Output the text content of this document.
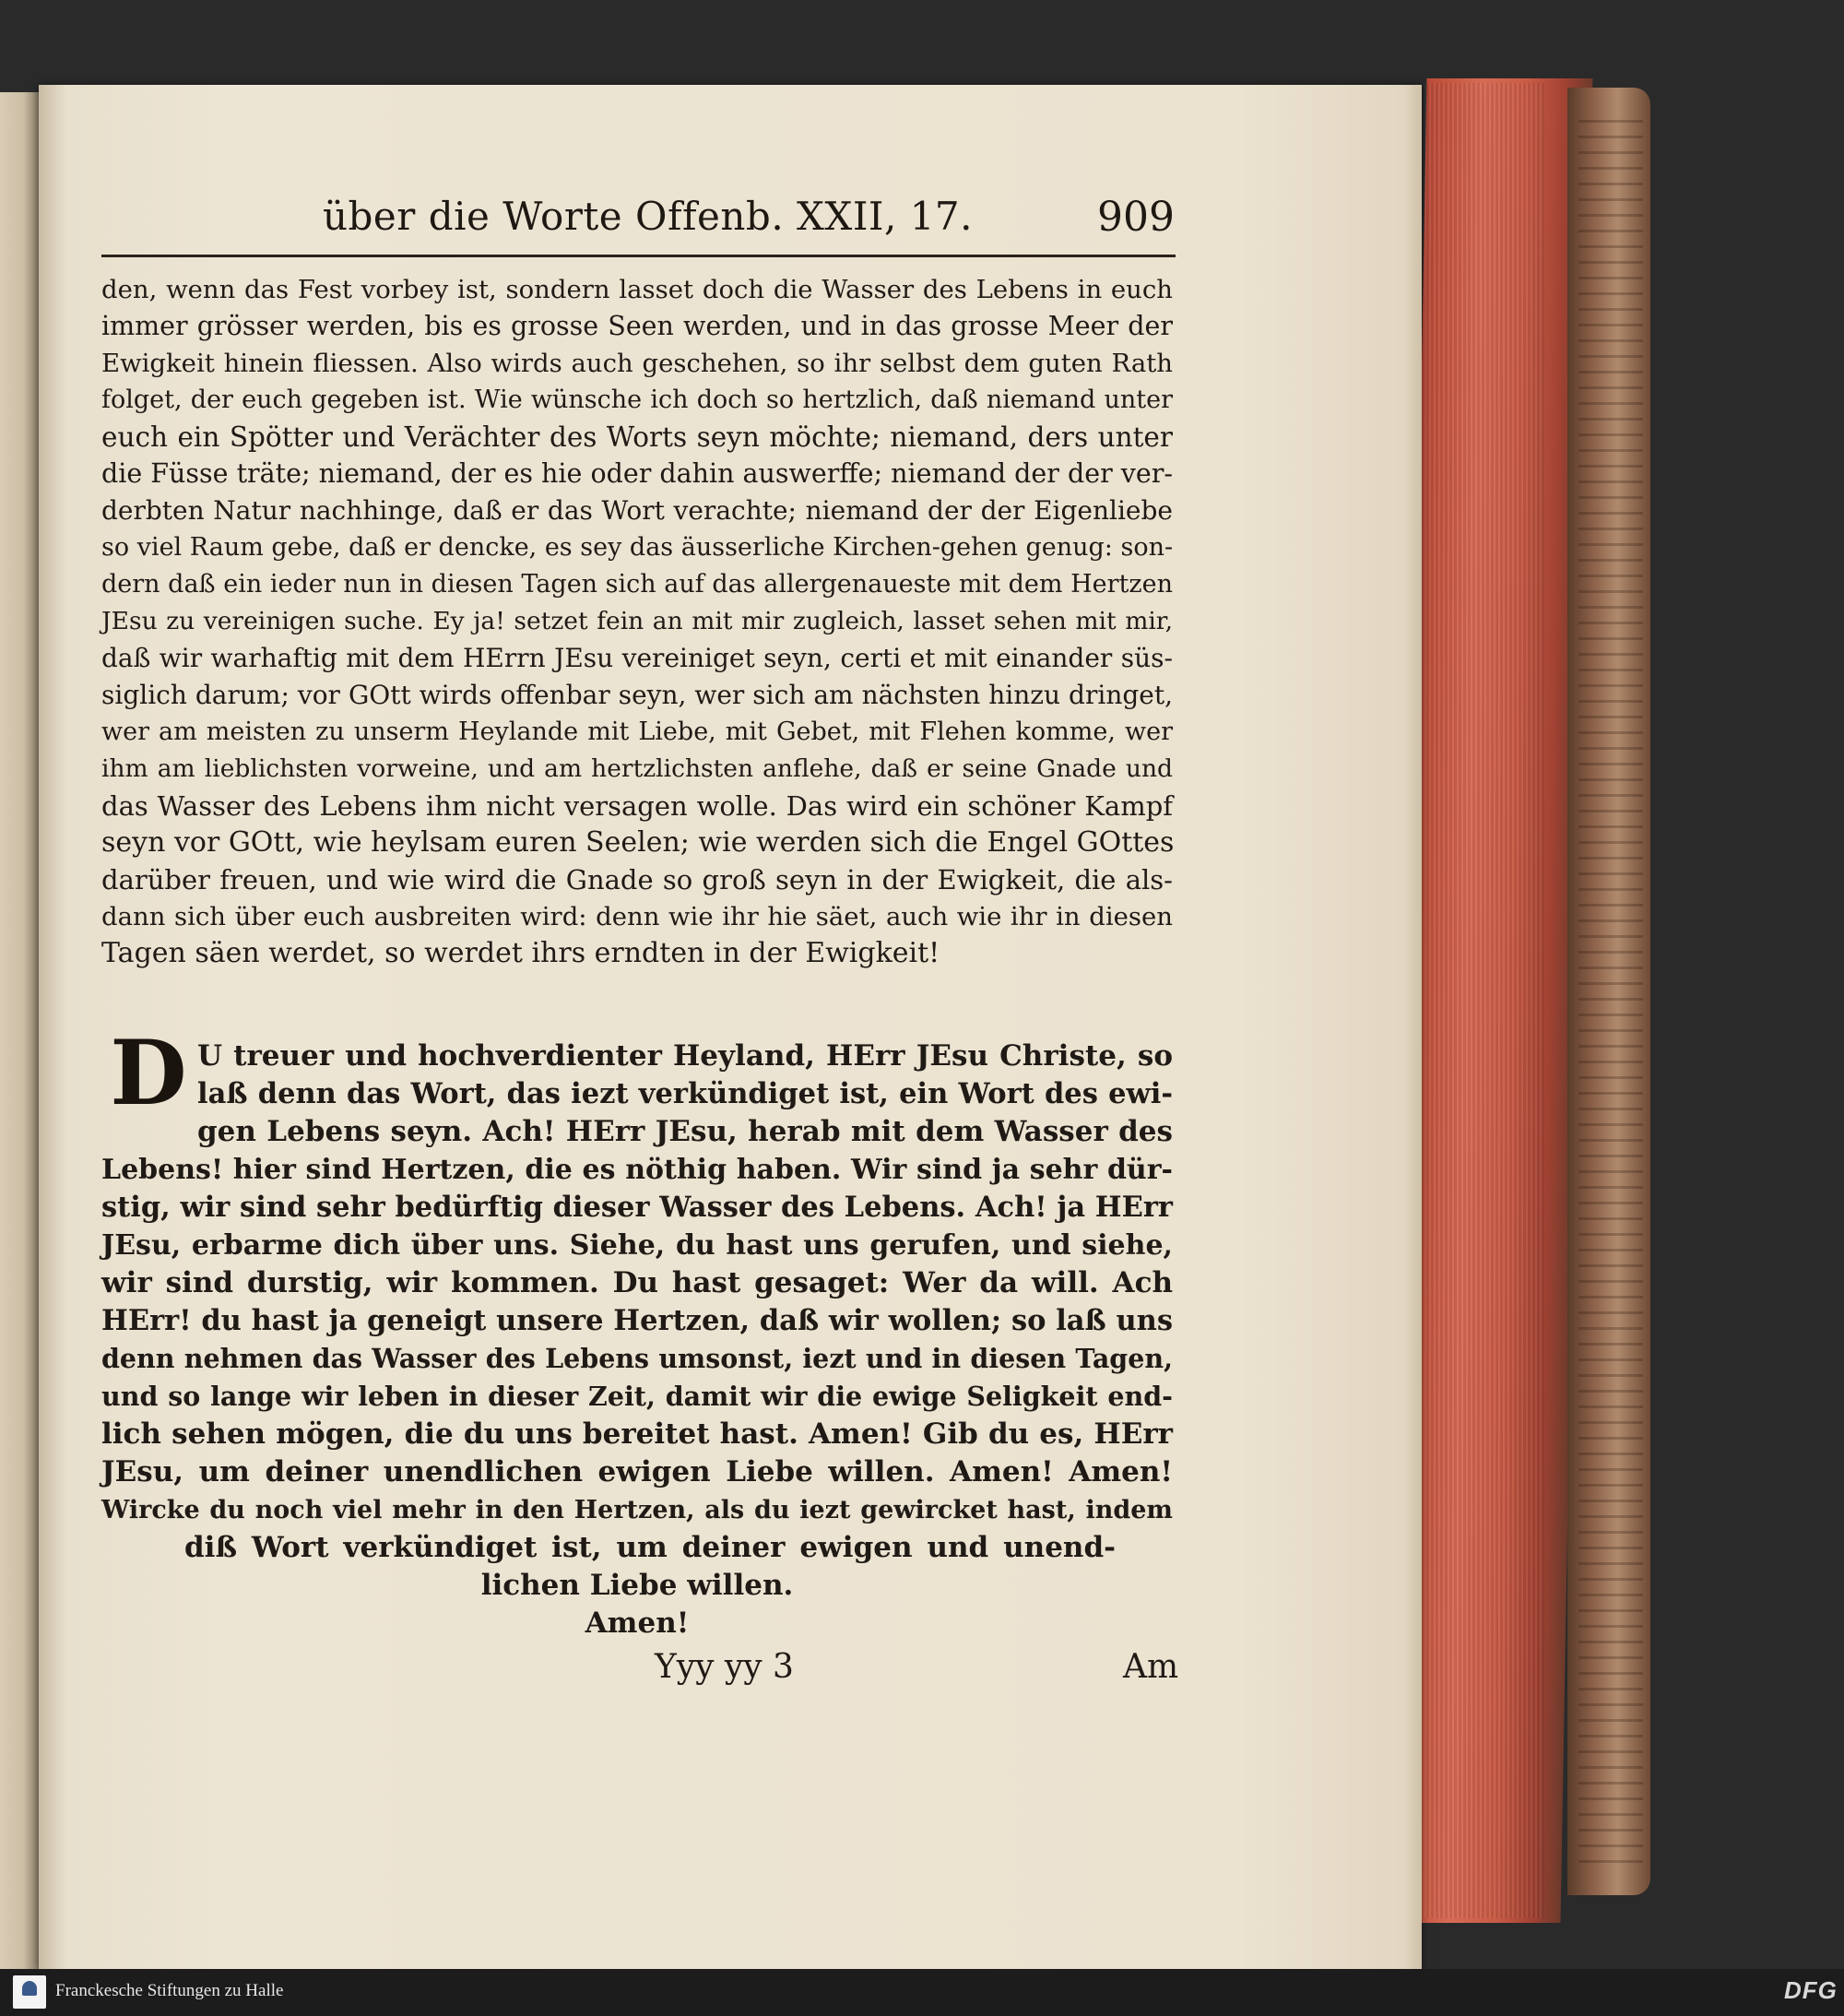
über die Worte Offenb. XXII, 17.	909
den, wenn das Fest vorbey ist, sondern lasset doch die Wasser des Lebens in euch
immer grösser werden, bis es grosse Seen werden, und in das grosse Meer der
Ewigkeit hinein fliessen. Also wirds auch geschehen, so ihr selbst dem guten Rath
folget, der euch gegeben ist. Wie wünsche ich doch so hertzlich, daß niemand unter
euch ein Spötter und Verächter des Worts seyn möchte; niemand, ders unter
die Füsse träte; niemand, der es hie oder dahin auswerffe; niemand der der ver-
derbten Natur nachhinge, daß er das Wort verachte; niemand der der Eigenliebe
so viel Raum gebe, daß er dencke, es sey das äusserliche Kirchen-gehen genug: son-
dern daß ein ieder nun in diesen Tagen sich auf das allergenaueste mit dem Hertzen
JEsu zu vereinigen suche. Ey ja! setzet fein an mit mir zugleich, lasset sehen mit mir,
daß wir warhaftig mit dem HErrn JEsu vereiniget seyn, certi et mit einander süs-
siglich darum; vor GOtt wirds offenbar seyn, wer sich am nächsten hinzu dringet,
wer am meisten zu unserm Heylande mit Liebe, mit Gebet, mit Flehen komme, wer
ihm am lieblichsten vorweine, und am hertzlichsten anflehe, daß er seine Gnade und
das Wasser des Lebens ihm nicht versagen wolle. Das wird ein schöner Kampf
seyn vor GOtt, wie heylsam euren Seelen; wie werden sich die Engel GOttes
darüber freuen, und wie wird die Gnade so groß seyn in der Ewigkeit, die als-
dann sich über euch ausbreiten wird: denn wie ihr hie säet, auch wie ihr in diesen
Tagen säen werdet, so werdet ihrs erndten in der Ewigkeit!
D U treuer und hochverdienter Heyland, HErr JEsu Christe, so
laß denn das Wort, das iezt verkündiget ist, ein Wort des ewi-
gen Lebens seyn. Ach! HErr JEsu, herab mit dem Wasser des
Lebens! hier sind Hertzen, die es nöthig haben. Wir sind ja sehr dür-
stig, wir sind sehr bedürftig dieser Wasser des Lebens. Ach! ja HErr
JEsu, erbarme dich über uns. Siehe, du hast uns gerufen, und siehe,
wir sind durstig, wir kommen. Du hast gesaget: Wer da will. Ach
HErr! du hast ja geneigt unsere Hertzen, daß wir wollen; so laß uns
denn nehmen das Wasser des Lebens umsonst, iezt und in diesen Tagen,
und so lange wir leben in dieser Zeit, damit wir die ewige Seligkeit end-
lich sehen mögen, die du uns bereitet hast. Amen! Gib du es, HErr
JEsu, um deiner unendlichen ewigen Liebe willen. Amen! Amen!
Wircke du noch viel mehr in den Hertzen, als du iezt gewircket hast, indem
diß Wort verkündiget ist, um deiner ewigen und unend-
lichen Liebe willen.
Amen!
Yyy yy 3	Am
Franckesche Stiftungen zu Halle	DFG
